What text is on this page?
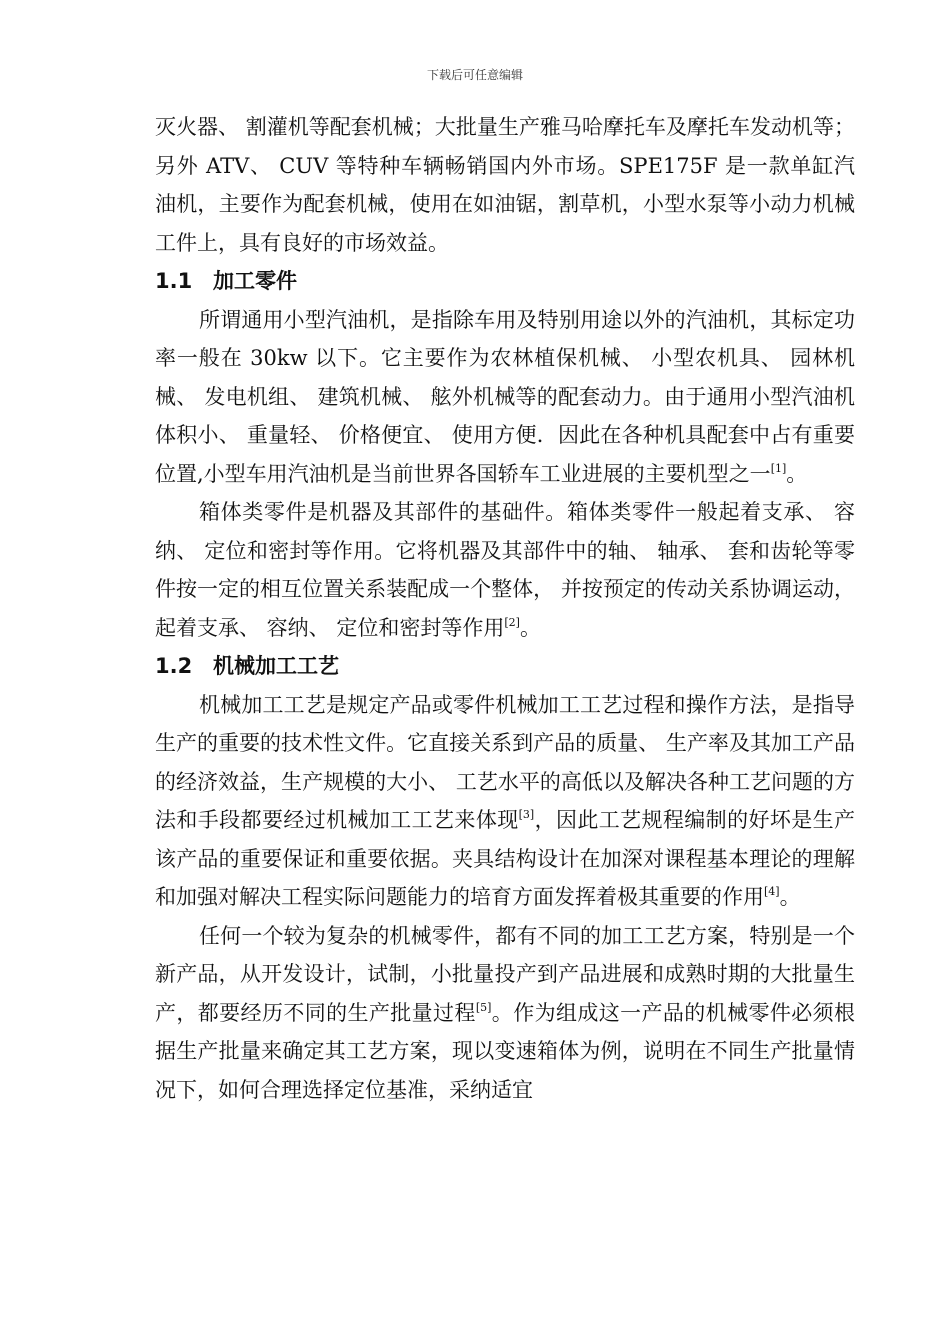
下载后可任意编辑

灭火器、 割灌机等配套机械；大批量生产雅马哈摩托车及摩托车发动机等；另外 ATV、 CUV 等特种车辆畅销国内外市场。SPE175F 是一款单缸汽油机，主要作为配套机械，使用在如油锯，割草机，小型水泵等小动力机械工件上，具有良好的市场效益。

1.1 加工零件

所谓通用小型汽油机，是指除车用及特别用途以外的汽油机，其标定功率一般在 30kw 以下。它主要作为农林植保机械、 小型农机具、 园林机械、 发电机组、 建筑机械、 舷外机械等的配套动力。由于通用小型汽油机体积小、 重量轻、 价格便宜、 使用方便．因此在各种机具配套中占有重要位置,小型车用汽油机是当前世界各国轿车工业进展的主要机型之一[1]。

箱体类零件是机器及其部件的基础件。箱体类零件一般起着支承、 容纳、 定位和密封等作用。它将机器及其部件中的轴、 轴承、 套和齿轮等零件按一定的相互位置关系装配成一个整体， 并按预定的传动关系协调运动，起着支承、 容纳、 定位和密封等作用[2]。

1.2 机械加工工艺

机械加工工艺是规定产品或零件机械加工工艺过程和操作方法，是指导生产的重要的技术性文件。它直接关系到产品的质量、 生产率及其加工产品的经济效益，生产规模的大小、 工艺水平的高低以及解决各种工艺问题的方法和手段都要经过机械加工工艺来体现[3]，因此工艺规程编制的好坏是生产该产品的重要保证和重要依据。夹具结构设计在加深对课程基本理论的理解和加强对解决工程实际问题能力的培育方面发挥着极其重要的作用[4]。

任何一个较为复杂的机械零件，都有不同的加工工艺方案，特别是一个新产品，从开发设计，试制，小批量投产到产品进展和成熟时期的大批量生产，都要经历不同的生产批量过程[5]。作为组成这一产品的机械零件必须根据生产批量来确定其工艺方案，现以变速箱体为例，说明在不同生产批量情况下，如何合理选择定位基准，采纳适宜
